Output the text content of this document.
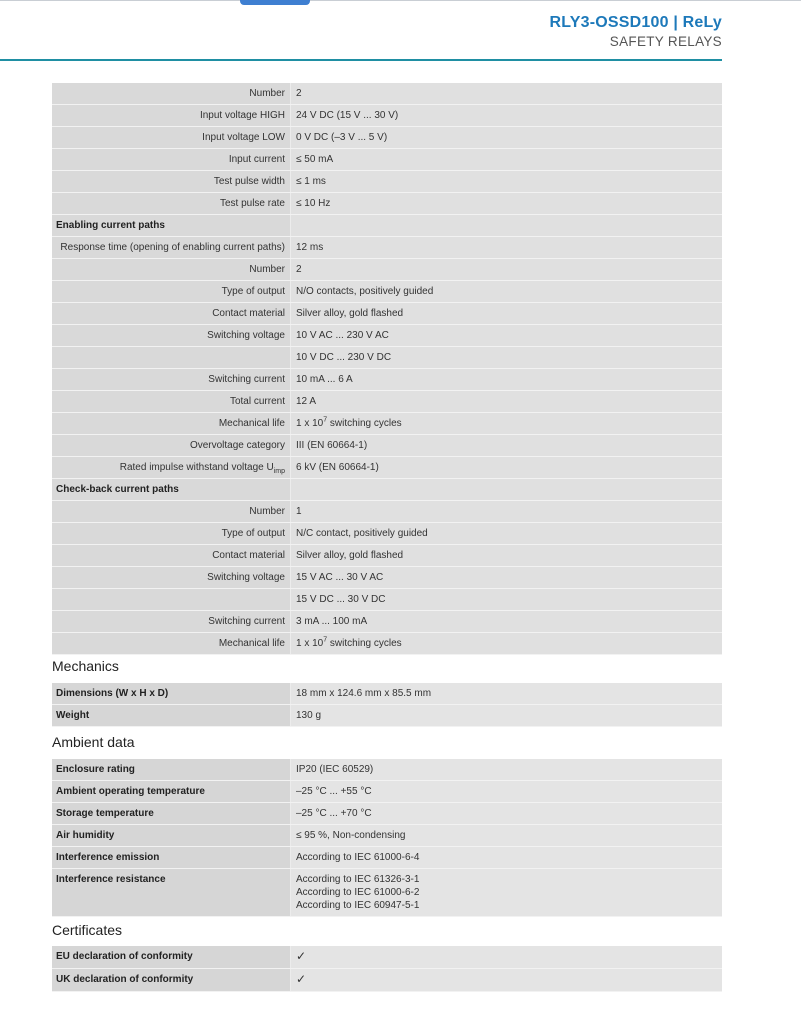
RLY3-OSSD100 | ReLy
SAFETY RELAYS
Number	2
Input voltage HIGH	24 V DC (15 V ... 30 V)
Input voltage LOW	0 V DC (–3 V ... 5 V)
Input current	≤ 50 mA
Test pulse width	≤ 1 ms
Test pulse rate	≤ 10 Hz
Enabling current paths	
Response time (opening of enabling current paths)	12 ms
Number	2
Type of output	N/O contacts, positively guided
Contact material	Silver alloy, gold flashed
Switching voltage	10 V AC ... 230 V AC
	10 V DC ... 230 V DC
Switching current	10 mA ... 6 A
Total current	12 A
Mechanical life	1 x $10^7$ switching cycles
Overvoltage category	III (EN 60664-1)
Rated impulse withstand voltage $U_{imp}$	6 kV (EN 60664-1)
Check-back current paths	
Number	1
Type of output	N/C contact, positively guided
Contact material	Silver alloy, gold flashed
Switching voltage	15 V AC ... 30 V AC
	15 V DC ... 30 V DC
Switching current	3 mA ... 100 mA
Mechanical life	1 x $10^7$ switching cycles
Mechanics
Dimensions (W x H x D)	18 mm x 124.6 mm x 85.5 mm
Weight	130 g
Ambient data
Enclosure rating	IP20 (IEC 60529)
Ambient operating temperature	–25 °C ... +55 °C
Storage temperature	–25 °C ... +70 °C
Air humidity	≤ 95 %, Non-condensing
Interference emission	According to IEC 61000-6-4
Interference resistance	According to IEC 61326-3-1
According to IEC 61000-6-2
According to IEC 60947-5-1
Certificates
EU declaration of conformity	✓
UK declaration of conformity	✓
